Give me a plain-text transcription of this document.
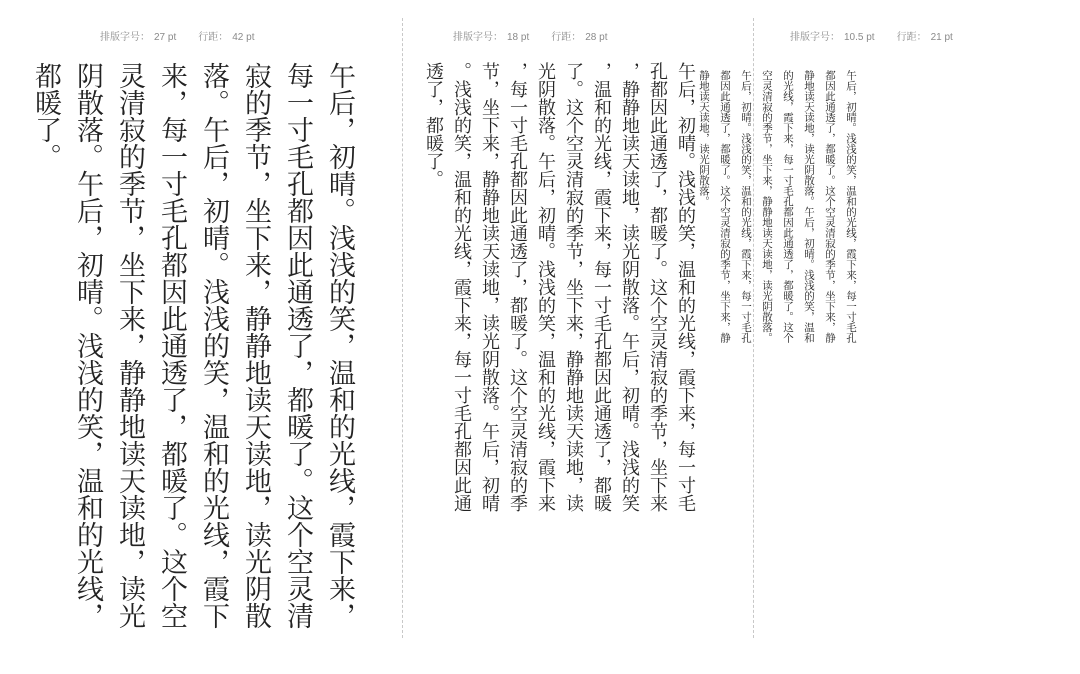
排版字号： 27 pt 行距： 42 pt
午后，初晴。浅浅的笑，温和的光线，霞下来，每一寸毛孔都因此通透了，都暖了。这个空灵清寂的季节，坐下来，静静地读天读地，读光阴散落。午后，初晴。浅浅的笑，温和的光线，霞下来，每一寸毛孔都因此通透了，都暖了。这个空灵清寂的季节，坐下来，静静地读天读地，读光阴散落。午后，初晴。浅浅的笑，温和的光线，都暖了。
排版字号： 18 pt 行距： 28 pt
午后，初晴。浅浅的笑，温和的光线，霞下来，每一寸毛孔都因此通透了，都暖了。这个空灵清寂的季节，坐下来，静静地读天读地，读光阴散落。午后，初晴。浅浅的笑，温和的光线，霞下来，每一寸毛孔都因此通透了，都暖了。这个空灵清寂的季节，坐下来，静静地读天读地，读光阴散落。午后，初晴。浅浅的笑，温和的光线，霞下来，每一寸毛孔都因此通透了，都暖了。这个空灵清寂的季节，坐下来，静静地读天读地，读光阴散落。午后，初晴。浅浅的笑，温和的光线，霞下来，每一寸毛孔都因此通透了，都暖了。
排版字号： 10.5 pt 行距： 21 pt
午后，初晴。浅浅的笑，温和的光线，霞下来，每一寸毛孔都因此通透了，都暖了。这个空灵清寂的季节，坐下来，静静地读天读地，读光阴散落。午后，初晴。浅浅的笑，温和的光线，霞下来，每一寸毛孔都因此通透了，都暖了。这个空灵清寂的季节，坐下来，静静地读天读地，读光阴散落。午后，初晴。浅浅的笑，温和的光线，霞下来，每一寸毛孔都因此通透了，都暖了。这个空灵清寂的季节，坐下来，静静地读天读地，读光阴散落。
